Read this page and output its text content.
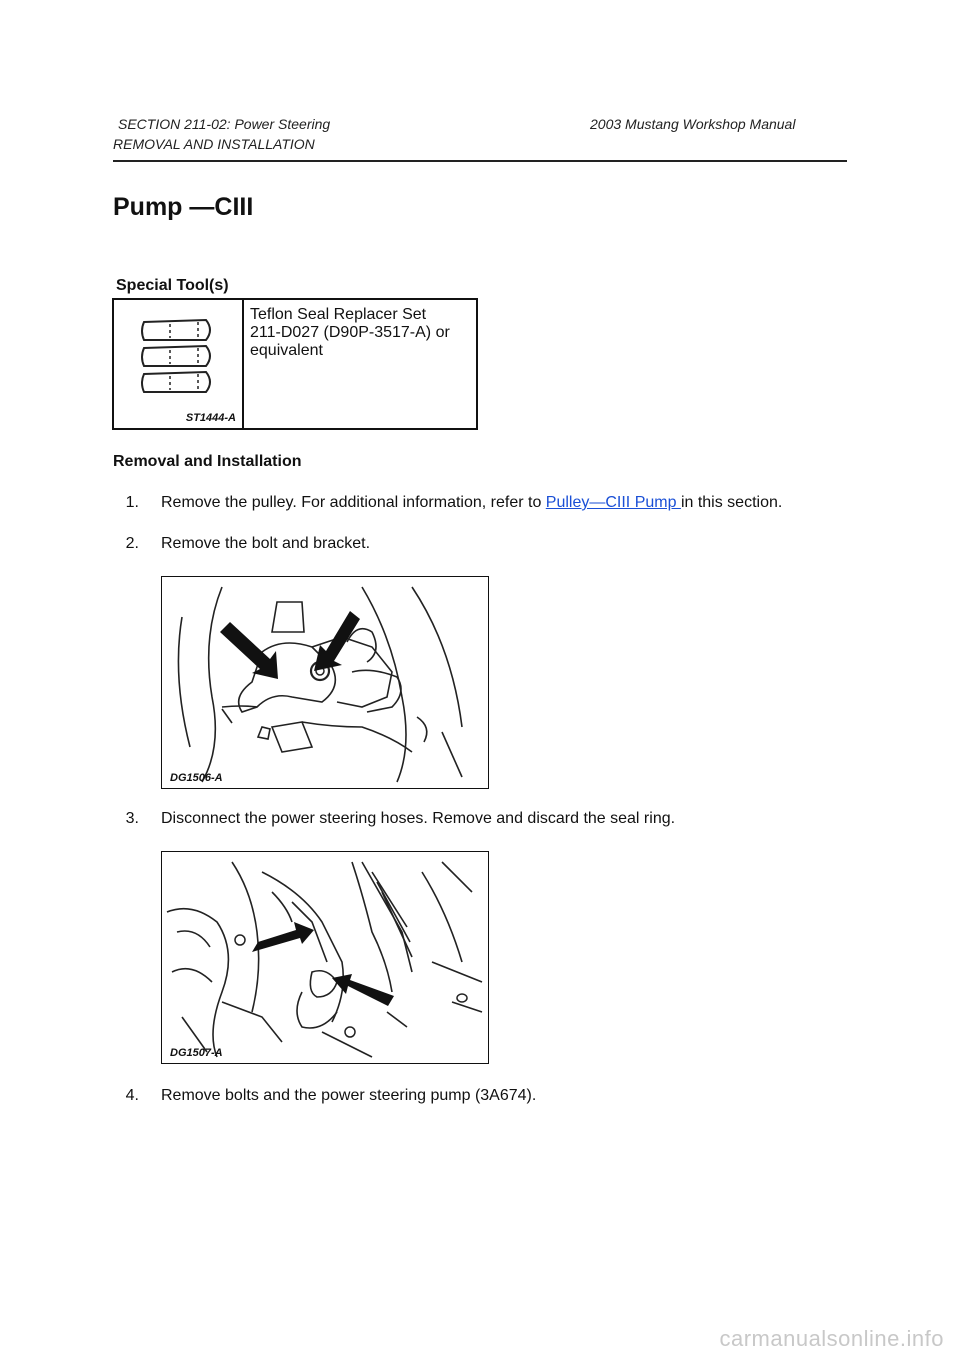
SECTION 211-02: Power Steering	2003 Mustang Workshop Manual
REMOVAL AND INSTALLATION
Pump —CIII
Special Tool(s)
ST1444-A
Teflon Seal Replacer Set
211-D027 (D90P-3517-A) or
equivalent
Removal and Installation
1. Remove the pulley. For additional information, refer to Pulley—CIII Pump in this section.
2. Remove the bolt and bracket.
DG1506-A
3. Disconnect the power steering hoses. Remove and discard the seal ring.
DG1507-A
4. Remove bolts and the power steering pump (3A674).
carmanualsonline.info
